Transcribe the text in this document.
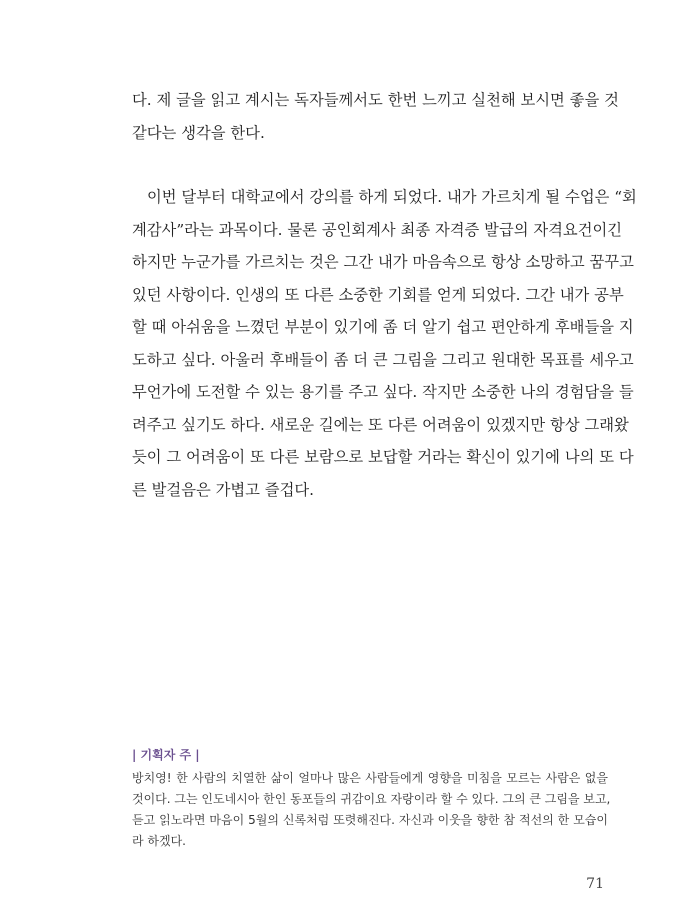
다. 제 글을 읽고 계시는 독자들께서도 한번 느끼고 실천해 보시면 좋을 것
같다는 생각을 한다.
이번 달부터 대학교에서 강의를 하게 되었다. 내가 가르치게 될 수업은 “회
계감사”라는 과목이다. 물론 공인회계사 최종 자격증 발급의 자격요건이긴
하지만 누군가를 가르치는 것은 그간 내가 마음속으로 항상 소망하고 꿈꾸고
있던 사항이다. 인생의 또 다른 소중한 기회를 얻게 되었다. 그간 내가 공부
할 때 아쉬움을 느꼈던 부분이 있기에 좀 더 알기 쉽고 편안하게 후배들을 지
도하고 싶다. 아울러 후배들이 좀 더 큰 그림을 그리고 원대한 목표를 세우고
무언가에 도전할 수 있는 용기를 주고 싶다. 작지만 소중한 나의 경험담을 들
려주고 싶기도 하다. 새로운 길에는 또 다른 어려움이 있겠지만 항상 그래왔
듯이 그 어려움이 또 다른 보람으로 보답할 거라는 확신이 있기에 나의 또 다
른 발걸음은 가볍고 즐겁다.
| 기획자 주 |
방치영! 한 사람의 치열한 삶이 얼마나 많은 사람들에게 영향을 미침을 모르는 사람은 없을
것이다. 그는 인도네시아 한인 동포들의 귀감이요 자랑이라 할 수 있다. 그의 큰 그림을 보고,
듣고 읽노라면 마음이 5월의 신록처럼 또렷해진다. 자신과 이웃을 향한 참 적선의 한 모습이
라 하겠다.
71
